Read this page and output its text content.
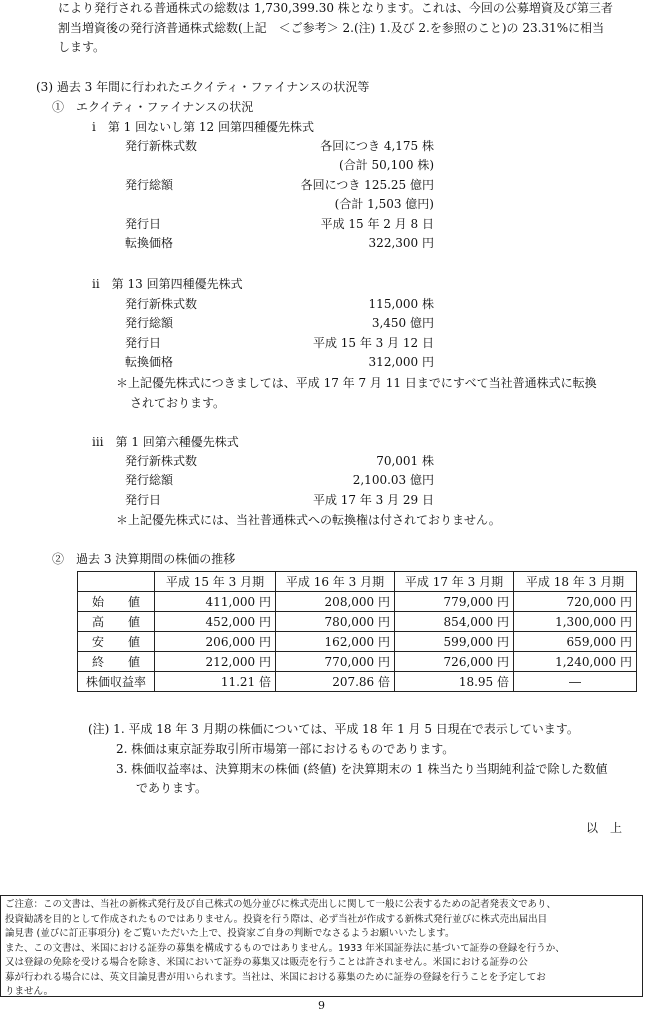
により発行される普通株式の総数は 1,730,399.30 株となります。これは、今回の公募増資及び第三者
割当増資後の発行済普通株式総数(上記　＜ご参考＞ 2.(注) 1.及び 2.を参照のこと)の 23.31%に相当
します。
(3) 過去 3 年間に行われたエクイティ・ファイナンスの状況等
①　エクイティ・ファイナンスの状況
ⅰ　第 1 回ないし第 12 回第四種優先株式
発行新株式数	各回につき 4,175 株
(合計 50,100 株)
発行総額	各回につき 125.25 億円
(合計 1,503 億円)
発行日	平成 15 年 2 月 8 日
転換価格	322,300 円
ⅱ　第 13 回第四種優先株式
発行新株式数	115,000 株
発行総額	3,450 億円
発行日	平成 15 年 3 月 12 日
転換価格	312,000 円
＊上記優先株式につきましては、平成 17 年 7 月 11 日までにすべて当社普通株式に転換
されております。
ⅲ　第 1 回第六種優先株式
発行新株式数	70,001 株
発行総額	2,100.03 億円
発行日	平成 17 年 3 月 29 日
＊上記優先株式には、当社普通株式への転換権は付されておりません。
②　過去 3 決算期間の株価の推移
	平成 15 年 3 月期	平成 16 年 3 月期	平成 17 年 3 月期	平成 18 年 3 月期
始　　値	411,000 円	208,000 円	779,000 円	720,000 円
高　　値	452,000 円	780,000 円	854,000 円	1,300,000 円
安　　値	206,000 円	162,000 円	599,000 円	659,000 円
終　　値	212,000 円	770,000 円	726,000 円	1,240,000 円
株価収益率	11.21 倍	207.86 倍	18.95 倍	―
(注) 1. 平成 18 年 3 月期の株価については、平成 18 年 1 月 5 日現在で表示しています。
2. 株価は東京証券取引所市場第一部におけるものであります。
3. 株価収益率は、決算期末の株価 (終値) を決算期末の 1 株当たり当期純利益で除した数値
であります。
以　上
ご注意：この文書は、当社の新株式発行及び自己株式の処分並びに株式売出しに関して一般に公表するための記者発表文であり、
投資勧誘を目的として作成されたものではありません。投資を行う際は、必ず当社が作成する新株式発行並びに株式売出届出目
論見書 (並びに訂正事項分) をご覧いただいた上で、投資家ご自身の判断でなさるようお願いいたします。
また、この文書は、米国における証券の募集を構成するものではありません。1933 年米国証券法に基づいて証券の登録を行うか、
又は登録の免除を受ける場合を除き、米国において証券の募集又は販売を行うことは許されません。米国における証券の公
募が行われる場合には、英文目論見書が用いられます。当社は、米国における募集のために証券の登録を行うことを予定してお
りません。
9
